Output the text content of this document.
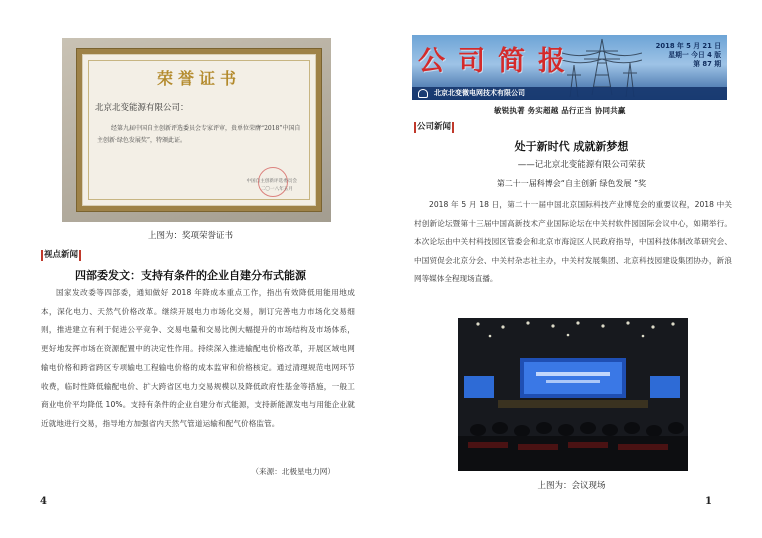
荣誉证书
北京北变能源有限公司：
经第九届中国自主创新评选委员会专家评审，贵单位荣膺“2018”中国自主创新·绿色发展奖”，特颁此证。
中国自主创新评选委员会
二〇一八年五月
上图为：奖项荣誉证书
视点新闻
四部委发文：支持有条件的企业自建分布式能源
国家发改委等四部委，通知做好 2018 年降成本重点工作，指出有效降低用能用地成本，深化电力、天然气价格改革。继续开展电力市场化交易，制订完善电力市场化交易细则，推进建立有利于促进公平竞争、交易电量和交易比例大幅提升的市场结构及市场体系，更好地发挥市场在资源配置中的决定性作用。持续深入推进输配电价格改革，开展区域电网输电价格和跨省跨区专项输电工程输电价格的成本监审和价格核定。通过清理规范电网环节收费，临时性降低输配电价、扩大跨省区电力交易规模以及降低政府性基金等措施，一般工商业电价平均降低 10%。支持有条件的企业自建分布式能源，支持新能源发电与用能企业就近就地进行交易，指导地方加强省内天然气管道运输和配气价格监管。
（来源：北极星电力网）
4
公司简报	2018 年 5 月 21 日
星期一 今日 4 版
第 87 期
北京北变微电网技术有限公司
敏锐执著 务实超越 品行正当 协同共赢
公司新闻
处于新时代 成就新梦想
——记北京北变能源有限公司荣获
第二十一届科博会“自主创新 绿色发展 ”奖
2018 年 5 月 18 日，第二十一届中国北京国际科技产业博览会的重要议程，2018 中关村创新论坛暨第十三届中国高新技术产业国际论坛在中关村软件园国际会议中心，如期举行。本次论坛由中关村科技园区管委会和北京市海淀区人民政府指导，中国科技体制改革研究会、中国贸促会北京分会、中关村杂志社主办，中关村发展集团、北京科技园建设集团协办，新浪网等媒体全程现场直播。
上图为：会议现场
1
